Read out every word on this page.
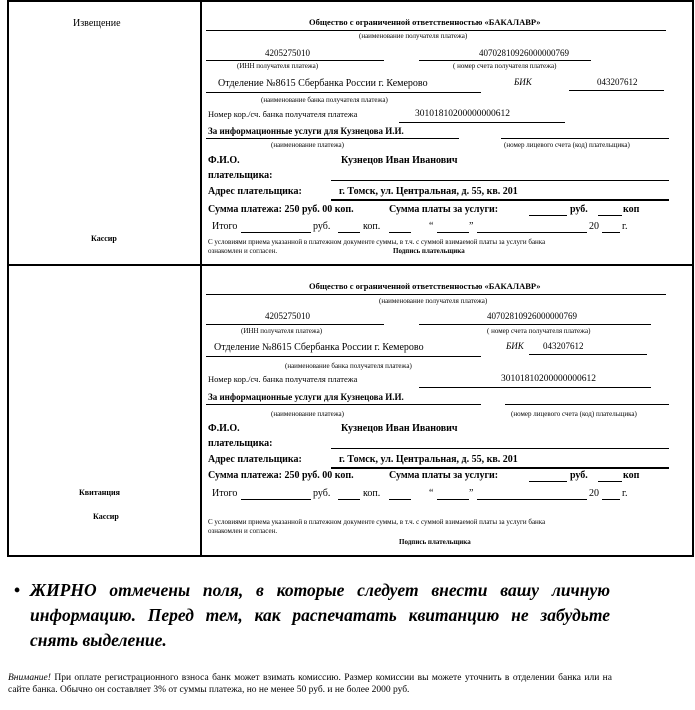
Извещение
Кассир
Квитанция
Кассир
Общество с ограниченной ответственностью «БАКАЛАВР»
(наименование получателя платежа)
4205275010	40702810926000000769
(ИНН получателя платежа)	( номер счета получателя платежа)
Отделение №8615 Сбербанка России г. Кемерово	БИК	043207612
(наименование банка получателя платежа)
Номер кор./сч. банка получателя платежа	30101810200000000612
За информационные услуги для Кузнецова И.И.
(наименование платежа)	(номер лицевого счета (код) плательщика)
Ф.И.О.
плательщика:
Кузнецов Иван Иванович
Адрес плательщика:	г. Томск, ул. Центральная, д. 55, кв. 201
Сумма платежа: 250 руб. 00 коп.	Сумма платы за услуги:	руб.	коп
Итого	руб.	коп.	“	”	20 г.
С условиями приема указанной в платежном документе суммы, в т.ч. с суммой взимаемой платы за услуги банка
ознакомлен и согласен.	Подпись плательщика
Общество с ограниченной ответственностью «БАКАЛАВР»
(наименование получателя платежа)
4205275010	40702810926000000769
(ИНН получателя платежа)	( номер счета получателя платежа)
Отделение №8615 Сбербанка России г. Кемерово	БИК 043207612
(наименование банка получателя платежа)
Номер кор./сч. банка получателя платежа	30101810200000000612
За информационные услуги для Кузнецова И.И.
(наименование платежа)	(номер лицевого счета (код) плательщика)
Ф.И.О.
плательщика:
Кузнецов Иван Иванович
Адрес плательщика:	г. Томск, ул. Центральная, д. 55, кв. 201
Сумма платежа: 250 руб. 00 коп.	Сумма платы за услуги:	руб.	коп
Итого	руб.	коп.	“	”	20 г.
С условиями приема указанной в платежном документе суммы, в т.ч. с суммой взимаемой платы за услуги банка
ознакомлен и согласен.
Подпись плательщика
• ЖИРНО отмечены поля, в которые следует внести вашу личную информацию. Перед тем, как распечатать квитанцию не забудьте снять выделение.
Внимание! При оплате регистрационного взноса банк может взимать комиссию. Размер комиссии вы можете уточнить в отделении банка или на сайте банка. Обычно он составляет 3% от суммы платежа, но не менее 50 руб. и не более 2000 руб.
